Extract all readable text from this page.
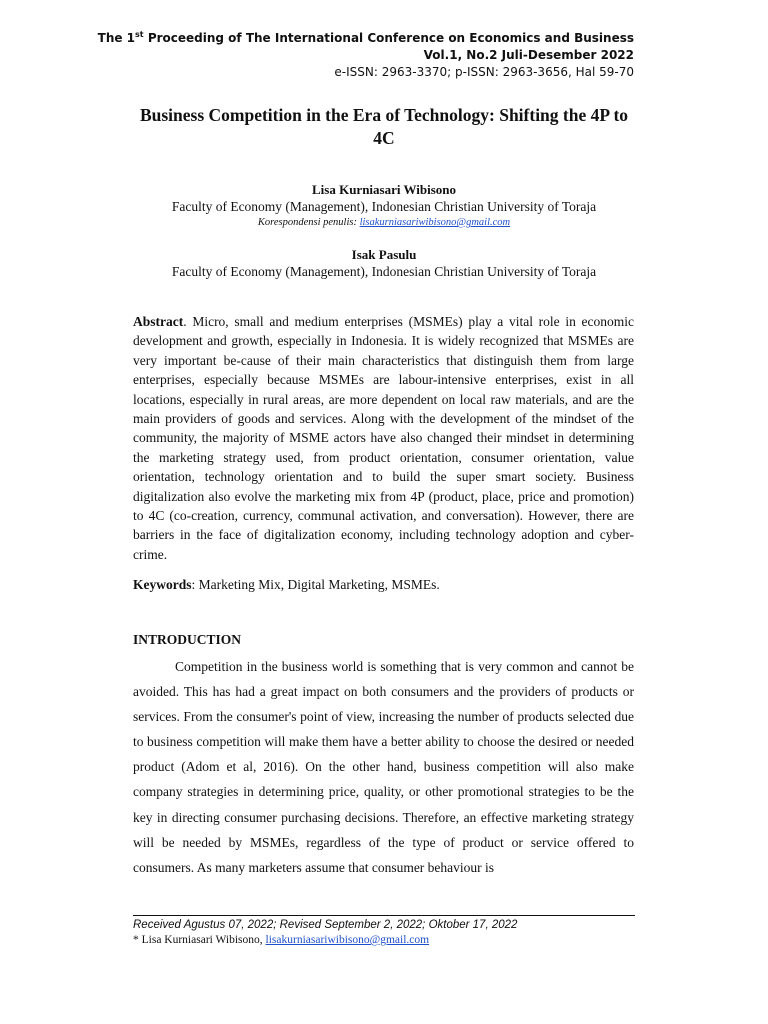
The 1st Proceeding of The International Conference on Economics and Business
Vol.1, No.2 Juli-Desember 2022
e-ISSN: 2963-3370; p-ISSN: 2963-3656, Hal 59-70
Business Competition in the Era of Technology: Shifting the 4P to 4C
Lisa Kurniasari Wibisono
Faculty of Economy (Management), Indonesian Christian University of Toraja
Korespondensi penulis: lisakurniasariwibisono@gmail.com
Isak Pasulu
Faculty of Economy (Management), Indonesian Christian University of Toraja
Abstract. Micro, small and medium enterprises (MSMEs) play a vital role in economic development and growth, especially in Indonesia. It is widely recognized that MSMEs are very important be-cause of their main characteristics that distinguish them from large enterprises, especially because MSMEs are labour-intensive enterprises, exist in all locations, especially in rural areas, are more dependent on local raw materials, and are the main providers of goods and services. Along with the development of the mindset of the community, the majority of MSME actors have also changed their mindset in determining the marketing strategy used, from product orientation, consumer orientation, value orientation, technology orientation and to build the super smart society. Business digitalization also evolve the marketing mix from 4P (product, place, price and promotion) to 4C (co-creation, currency, communal activation, and conversation). However, there are barriers in the face of digitalization economy, including technology adoption and cyber-crime.
Keywords: Marketing Mix, Digital Marketing, MSMEs.
INTRODUCTION
Competition in the business world is something that is very common and cannot be avoided. This has had a great impact on both consumers and the providers of products or services. From the consumer's point of view, increasing the number of products selected due to business competition will make them have a better ability to choose the desired or needed product (Adom et al, 2016). On the other hand, business competition will also make company strategies in determining price, quality, or other promotional strategies to be the key in directing consumer purchasing decisions. Therefore, an effective marketing strategy will be needed by MSMEs, regardless of the type of product or service offered to consumers. As many marketers assume that consumer behaviour is
Received Agustus 07, 2022; Revised September 2, 2022; Oktober 17, 2022
* Lisa Kurniasari Wibisono, lisakurniasariwibisono@gmail.com
